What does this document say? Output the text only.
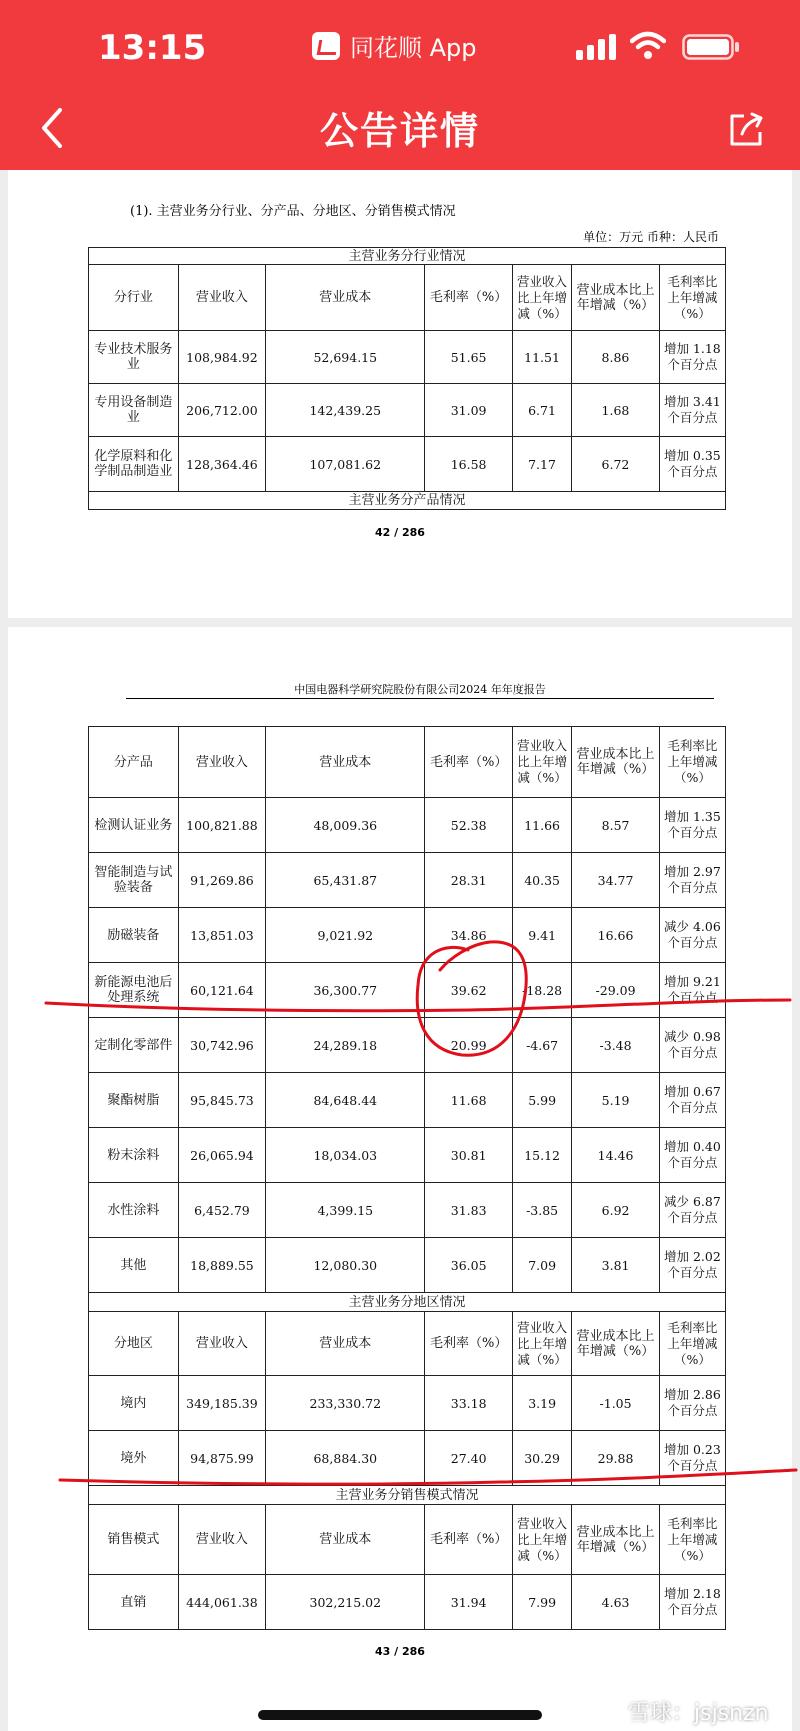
13:15	同花顺 App
公告详情
(1). 主营业务分行业、分产品、分地区、分销售模式情况
单位：万元 币种：人民币
主营业务分行业情况						
分行业	营业收入	营业成本	毛利率（%）	营业收入比上年增减（%）	营业成本比上年增减（%）	毛利率比上年增减（%）
专业技术服务业	108,984.92	52,694.15	51.65	11.51	8.86	增加 1.18 个百分点
专用设备制造业	206,712.00	142,439.25	31.09	6.71	1.68	增加 3.41 个百分点
化学原料和化学制品制造业	128,364.46	107,081.62	16.58	7.17	6.72	增加 0.35 个百分点
主营业务分产品情况						
42 / 286
中国电器科学研究院股份有限公司2024 年年度报告
分产品	营业收入	营业成本	毛利率（%）	营业收入比上年增减（%）	营业成本比上年增减（%）	毛利率比上年增减（%）
检测认证业务	100,821.88	48,009.36	52.38	11.66	8.57	增加 1.35 个百分点
智能制造与试验装备	91,269.86	65,431.87	28.31	40.35	34.77	增加 2.97 个百分点
励磁装备	13,851.03	9,021.92	34.86	9.41	16.66	减少 4.06 个百分点
新能源电池后处理系统	60,121.64	36,300.77	39.62	-18.28	-29.09	增加 9.21 个百分点
定制化零部件	30,742.96	24,289.18	20.99	-4.67	-3.48	减少 0.98 个百分点
聚酯树脂	95,845.73	84,648.44	11.68	5.99	5.19	增加 0.67 个百分点
粉末涂料	26,065.94	18,034.03	30.81	15.12	14.46	增加 0.40 个百分点
水性涂料	6,452.79	4,399.15	31.83	-3.85	6.92	减少 6.87 个百分点
其他	18,889.55	12,080.30	36.05	7.09	3.81	增加 2.02 个百分点
主营业务分地区情况						
分地区	营业收入	营业成本	毛利率（%）	营业收入比上年增减（%）	营业成本比上年增减（%）	毛利率比上年增减（%）
境内	349,185.39	233,330.72	33.18	3.19	-1.05	增加 2.86 个百分点
境外	94,875.99	68,884.30	27.40	30.29	29.88	增加 0.23 个百分点
主营业务分销售模式情况						
销售模式	营业收入	营业成本	毛利率（%）	营业收入比上年增减（%）	营业成本比上年增减（%）	毛利率比上年增减（%）
直销	444,061.38	302,215.02	31.94	7.99	4.63	增加 2.18 个百分点
43 / 286
雪球：jsjsnzn
